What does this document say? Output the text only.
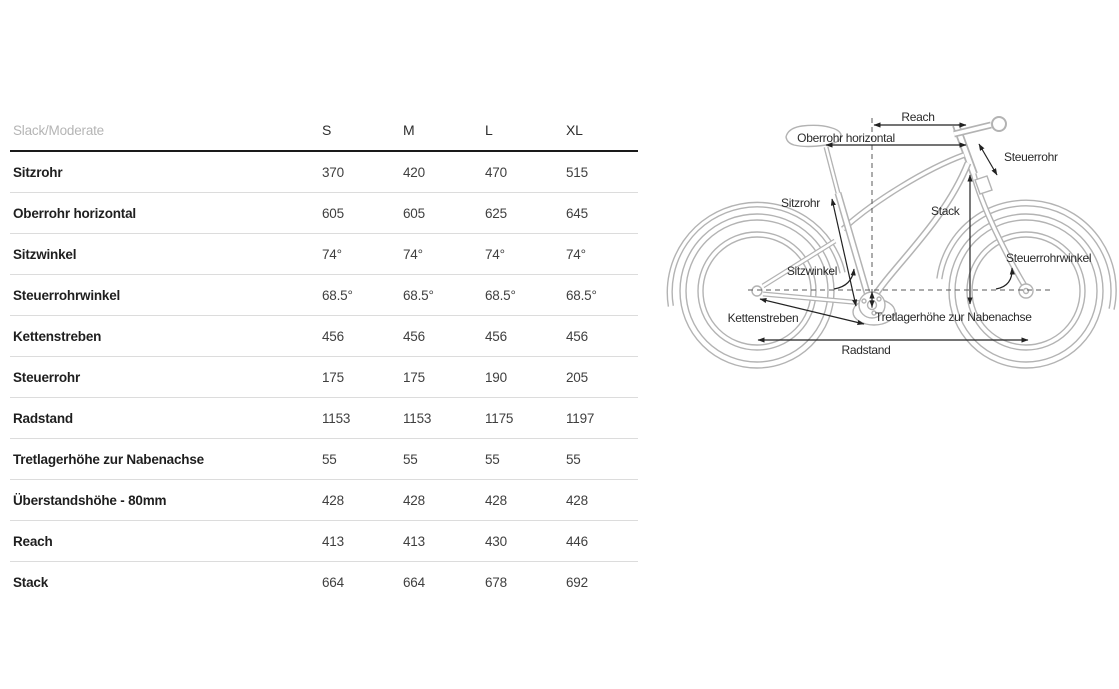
Slack/Moderate	S	M	L	XL
Sitzrohr	370	420	470	515
Oberrohr horizontal	605	605	625	645
Sitzwinkel	74°	74°	74°	74°
Steuerrohrwinkel	68.5°	68.5°	68.5°	68.5°
Kettenstreben	456	456	456	456
Steuerrohr	175	175	190	205
Radstand	1153	1153	1175	1197
Tretlagerhöhe zur Nabenachse	55	55	55	55
Überstandshöhe - 80mm	428	428	428	428
Reach	413	413	430	446
Stack	664	664	678	692
Reach
Oberrohr horizontal
Steuerrohr
Sitzrohr
Stack
Sitzwinkel
Steuerrohrwinkel
Kettenstreben	Tretlagerhöhe zur Nabenachse
Radstand
